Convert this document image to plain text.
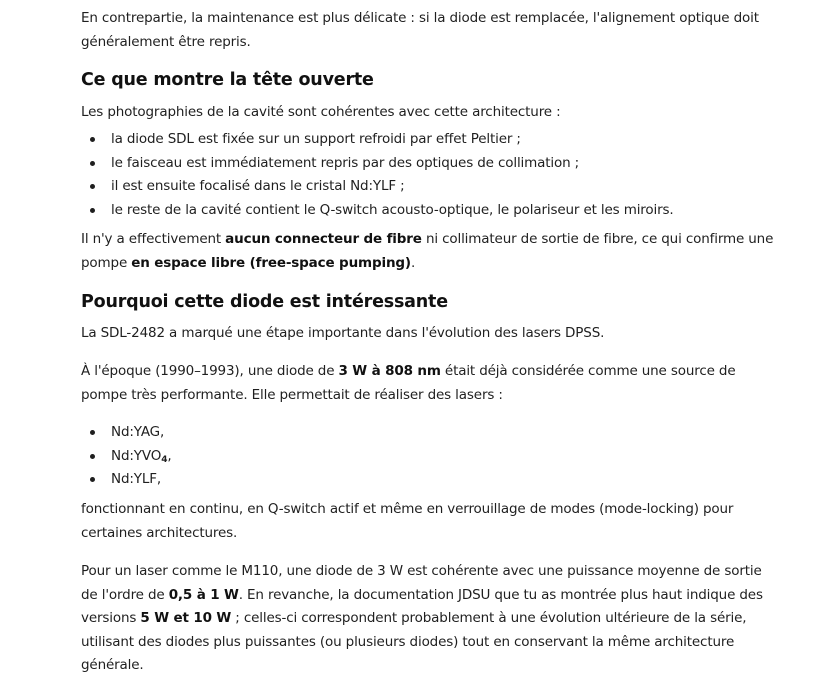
En contrepartie, la maintenance est plus délicate : si la diode est remplacée, l'alignement optique doit généralement être repris.

Ce que montre la tête ouverte

Les photographies de la cavité sont cohérentes avec cette architecture :

la diode SDL est fixée sur un support refroidi par effet Peltier ;
le faisceau est immédiatement repris par des optiques de collimation ;
il est ensuite focalisé dans le cristal Nd:YLF ;
le reste de la cavité contient le Q-switch acousto-optique, le polariseur et les miroirs.

Il n'y a effectivement aucun connecteur de fibre ni collimateur de sortie de fibre, ce qui confirme une pompe en espace libre (free-space pumping).

Pourquoi cette diode est intéressante

La SDL-2482 a marqué une étape importante dans l'évolution des lasers DPSS.

À l'époque (1990–1993), une diode de 3 W à 808 nm était déjà considérée comme une source de pompe très performante. Elle permettait de réaliser des lasers :

Nd:YAG,
$Nd:YVO_4$,
Nd:YLF,

fonctionnant en continu, en Q-switch actif et même en verrouillage de modes (mode-locking) pour certaines architectures.

Pour un laser comme le M110, une diode de 3 W est cohérente avec une puissance moyenne de sortie de l'ordre de 0,5 à 1 W. En revanche, la documentation JDSU que tu as montrée plus haut indique des versions 5 W et 10 W ; celles-ci correspondent probablement à une évolution ultérieure de la série, utilisant des diodes plus puissantes (ou plusieurs diodes) tout en conservant la même architecture générale.
